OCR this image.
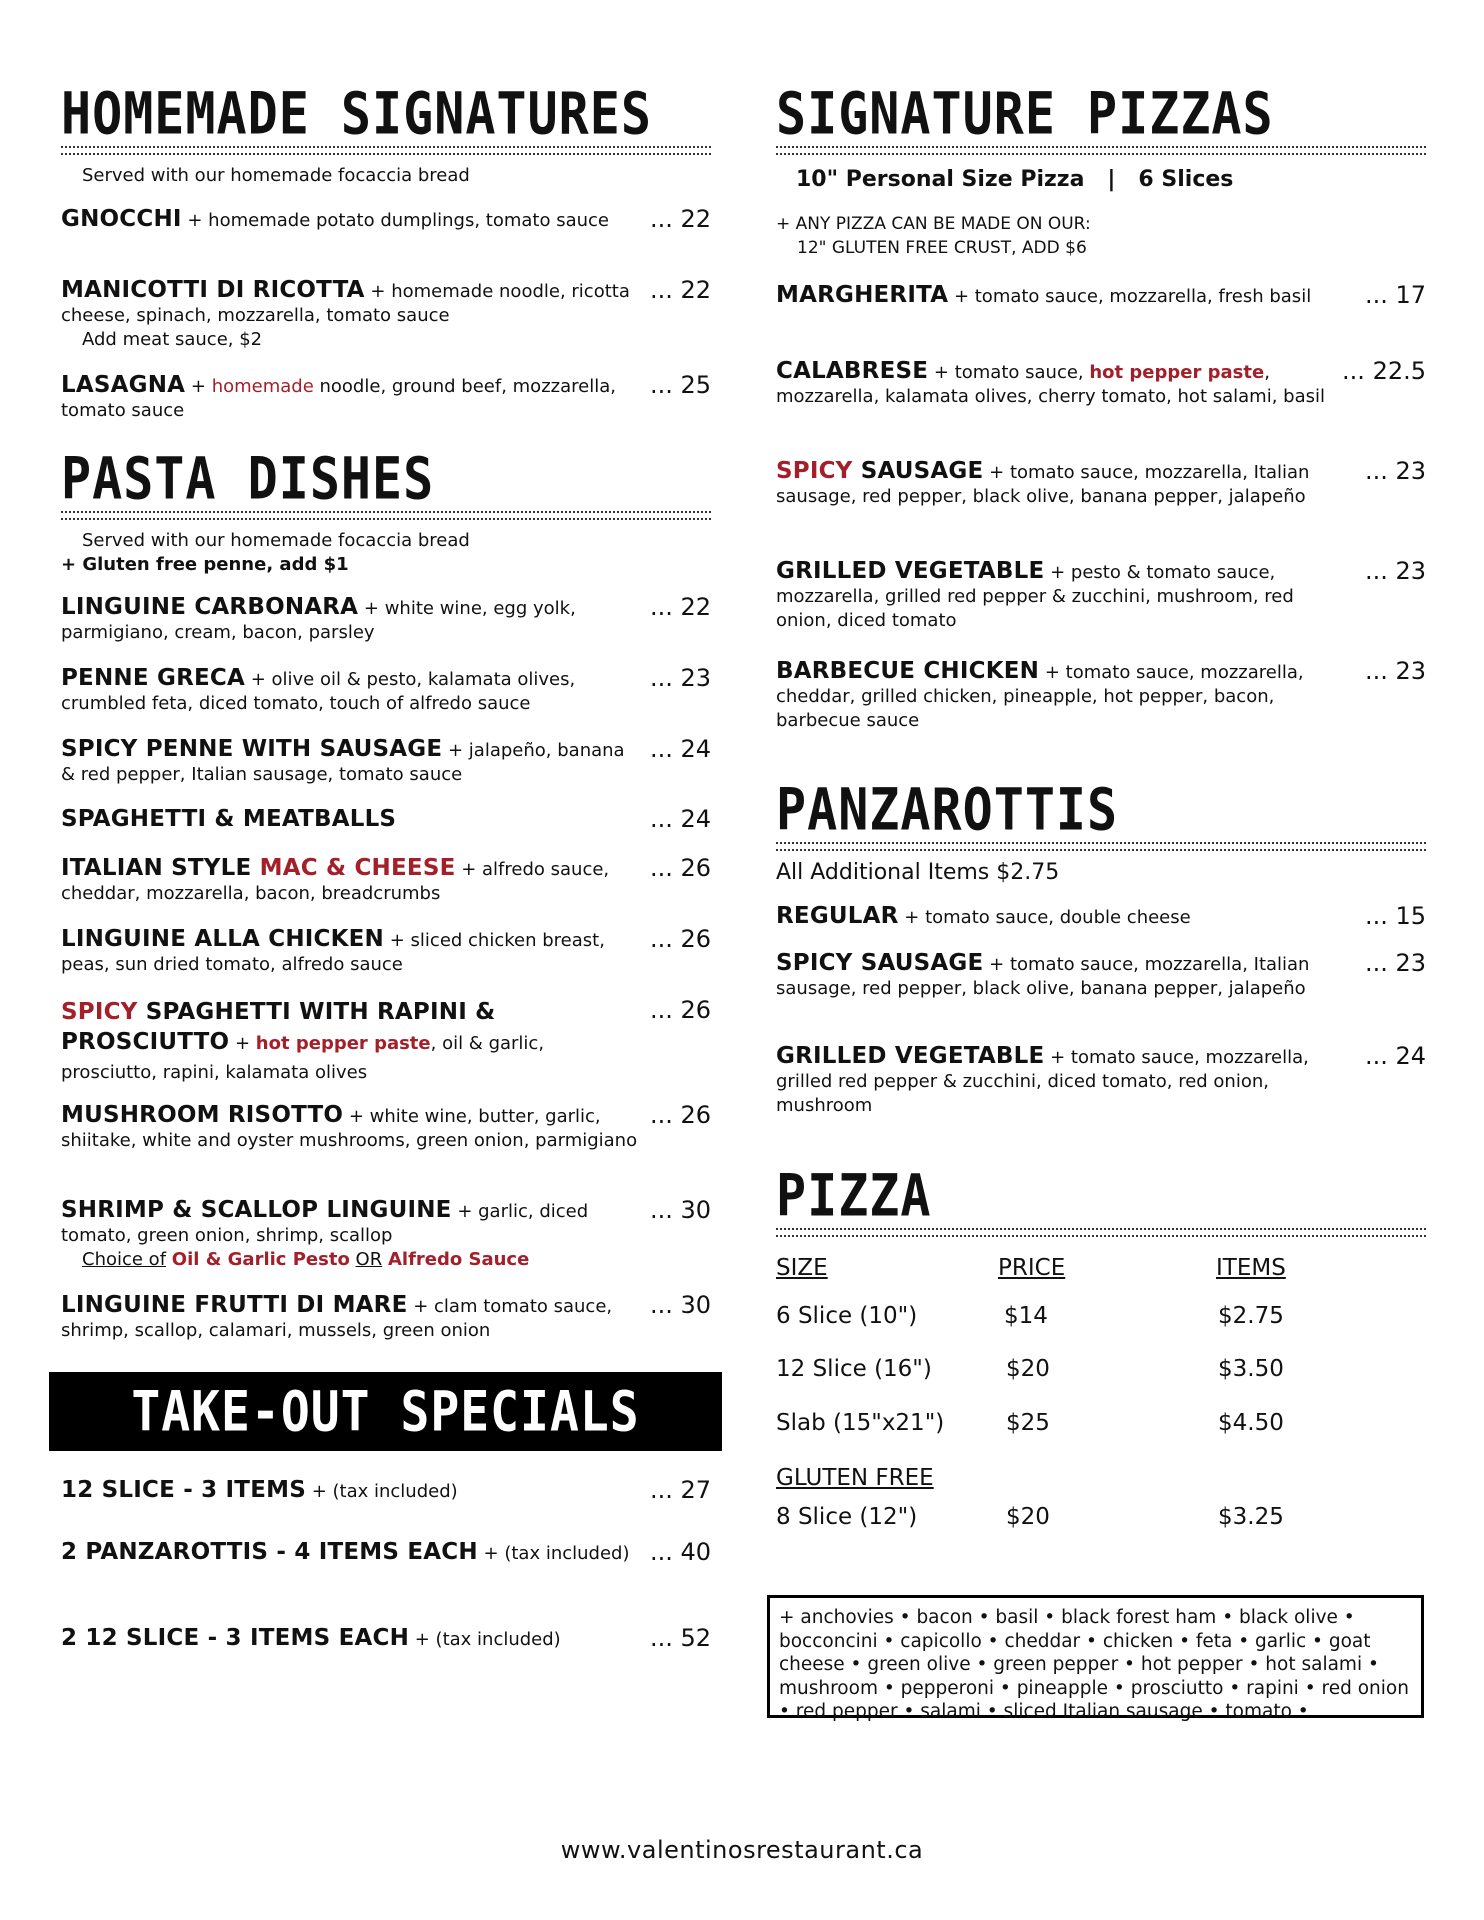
HOMEMADE SIGNATURES
Served with our homemade focaccia bread
GNOCCHI + homemade potato dumplings, tomato sauce	... 22
MANICOTTI DI RICOTTA + homemade noodle, ricotta cheese, spinach, mozzarella, tomato sauce
Add meat sauce, $2
... 22
LASAGNA + homemade noodle, ground beef, mozzarella, tomato sauce
... 25
PASTA DISHES
Served with our homemade focaccia bread
+ Gluten free penne, add $1
LINGUINE CARBONARA + white wine, egg yolk, parmigiano, cream, bacon, parsley
... 22
PENNE GRECA + olive oil & pesto, kalamata olives, crumbled feta, diced tomato, touch of alfredo sauce
... 23
SPICY PENNE WITH SAUSAGE + jalapeño, banana & red pepper, Italian sausage, tomato sauce
... 24
SPAGHETTI & MEATBALLS	... 24
ITALIAN STYLE MAC & CHEESE + alfredo sauce, cheddar, mozzarella, bacon, breadcrumbs
... 26
LINGUINE ALLA CHICKEN + sliced chicken breast, peas, sun dried tomato, alfredo sauce
... 26
SPICY SPAGHETTI WITH RAPINI & PROSCIUTTO + hot pepper paste, oil & garlic, prosciutto, rapini, kalamata olives
... 26
MUSHROOM RISOTTO + white wine, butter, garlic, shiitake, white and oyster mushrooms, green onion, parmigiano
... 26
SHRIMP & SCALLOP LINGUINE + garlic, diced tomato, green onion, shrimp, scallop
Choice of Oil & Garlic Pesto OR Alfredo Sauce
... 30
LINGUINE FRUTTI DI MARE + clam tomato sauce, shrimp, scallop, calamari, mussels, green onion
... 30
12 SLICE - 3 ITEMS + (tax included)	... 27
2 PANZAROTTIS - 4 ITEMS EACH + (tax included) ... 40
2 12 SLICE - 3 ITEMS EACH + (tax included)	... 52
TAKE-OUT SPECIALS
SIGNATURE PIZZAS
10" Personal Size Pizza   |   6 Slices
+ ANY PIZZA CAN BE MADE ON OUR:
12" GLUTEN FREE CRUST, ADD $6
MARGHERITA + tomato sauce, mozzarella, fresh basil	... 17
CALABRESE + tomato sauce, hot pepper paste, mozzarella, kalamata olives, cherry tomato, hot salami, basil
... 22.5
SPICY SAUSAGE + tomato sauce, mozzarella, Italian sausage, red pepper, black olive, banana pepper, jalapeño
... 23
GRILLED VEGETABLE + pesto & tomato sauce, mozzarella, grilled red pepper & zucchini, mushroom, red onion, diced tomato
... 23
BARBECUE CHICKEN + tomato sauce, mozzarella, cheddar, grilled chicken, pineapple, hot pepper, bacon, barbecue sauce
... 23
PANZAROTTIS
All Additional Items $2.75
REGULAR + tomato sauce, double cheese	... 15
SPICY SAUSAGE + tomato sauce, mozzarella, Italian sausage, red pepper, black olive, banana pepper, jalapeño
... 23
GRILLED VEGETABLE + tomato sauce, mozzarella, grilled red pepper & zucchini, diced tomato, red onion, mushroom
... 24
PIZZA
SIZE	PRICE	ITEMS
6 Slice (10")	$14	$2.75
12 Slice (16")	$20	$3.50
Slab (15"x21")	$25	$4.50
GLUTEN FREE
8 Slice (12")	$20	$3.25
+ anchovies • bacon • basil • black forest ham • black olive • bocconcini • capicollo • cheddar • chicken • feta • garlic • goat cheese • green olive • green pepper • hot pepper • hot salami • mushroom • pepperoni • pineapple • prosciutto • rapini • red onion • red pepper • salami • sliced Italian sausage • tomato •
www.valentinosrestaurant.ca
